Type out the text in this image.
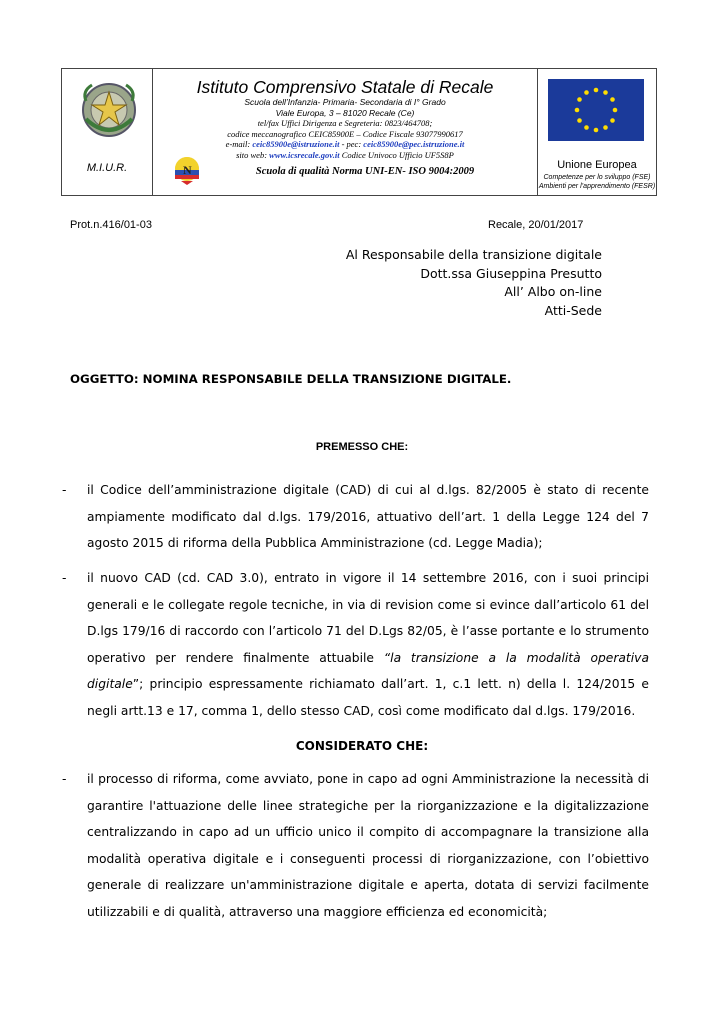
M.I.U.R.
Istituto Comprensivo Statale di Recale
Scuola dell’Infanzia- Primaria- Secondaria di I° Grado
Viale Europa, 3 – 81020 Recale (Ce)
tel/fax Uffici Dirigenza e Segreteria: 0823/464708;
codice meccanografico CEIC85900E – Codice Fiscale 93077990617
e-mail: ceic85900e@istruzione.it - pec: ceic85900e@pec.istruzione.it
sito web: www.icsrecale.gov.it Codice Univoco Ufficio UF5S8P
N	Scuola di qualità Norma UNI-EN- ISO 9004:2009
Unione Europea
Competenze per lo sviluppo (FSE)
Ambienti per l’apprendimento (FESR)
Prot.n.416/01-03	Recale, 20/01/2017
Al Responsabile della transizione digitale
Dott.ssa Giuseppina Presutto
All’ Albo on-line
Atti-Sede
OGGETTO: NOMINA RESPONSABILE DELLA TRANSIZIONE DIGITALE.
PREMESSO CHE:
- il Codice dell’amministrazione digitale (CAD) di cui al d.lgs. 82/2005 è stato di recente ampiamente modificato dal d.lgs. 179/2016, attuativo dell’art. 1 della Legge 124 del 7 agosto 2015 di riforma della Pubblica Amministrazione (cd. Legge Madia);
- il nuovo CAD (cd. CAD 3.0), entrato in vigore il 14 settembre 2016, con i suoi principi generali e le collegate regole tecniche, in via di revision come si evince dall’articolo 61 del D.lgs 179/16 di raccordo con l’articolo 71 del D.Lgs 82/05, è l’asse portante e lo strumento operativo per rendere finalmente attuabile “la transizione a la modalità operativa digitale”; principio espressamente richiamato dall’art. 1, c.1 lett. n) della l. 124/2015 e negli artt.13 e 17, comma 1, dello stesso CAD, così come modificato dal d.lgs. 179/2016.
CONSIDERATO CHE:
- il processo di riforma, come avviato, pone in capo ad ogni Amministrazione la necessità di garantire l'attuazione delle linee strategiche per la riorganizzazione e la digitalizzazione centralizzando in capo ad un ufficio unico il compito di accompagnare la transizione alla modalità operativa digitale e i conseguenti processi di riorganizzazione, con l’obiettivo generale di realizzare un'amministrazione digitale e aperta, dotata di servizi facilmente utilizzabili e di qualità, attraverso una maggiore efficienza ed economicità;
